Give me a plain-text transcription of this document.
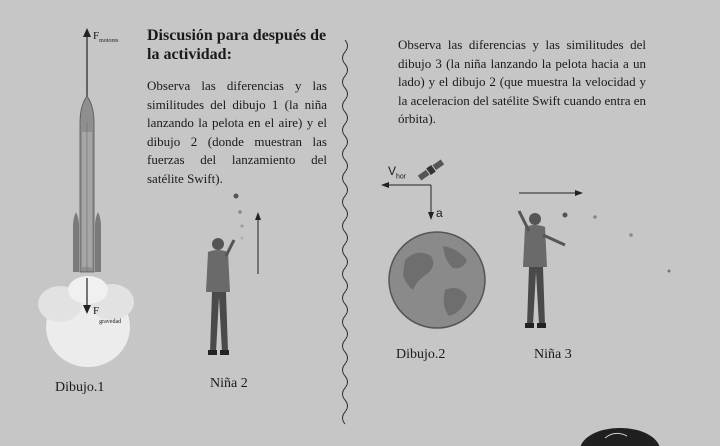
Discusión para después de la actividad:
Observa las diferencias y las similitudes del dibujo 1 (la niña lanzando la pelota en el aire) y el dibujo 2 (donde muestran las fuerzas del lanzamiento del satélite Swift).
Observa las diferencias y las similitudes del dibujo 3 (la niña lanzando la pelota hacia a un lado) y el dibujo 2 (que muestra la velocidad y la aceleracion del satélite Swift cuando entra en órbita).
$F_{motores}$
$F_{gravedad}$
Dibujo.1	Niña 2
$V_{hor}$
a
Dibujo.2	Niña 3
